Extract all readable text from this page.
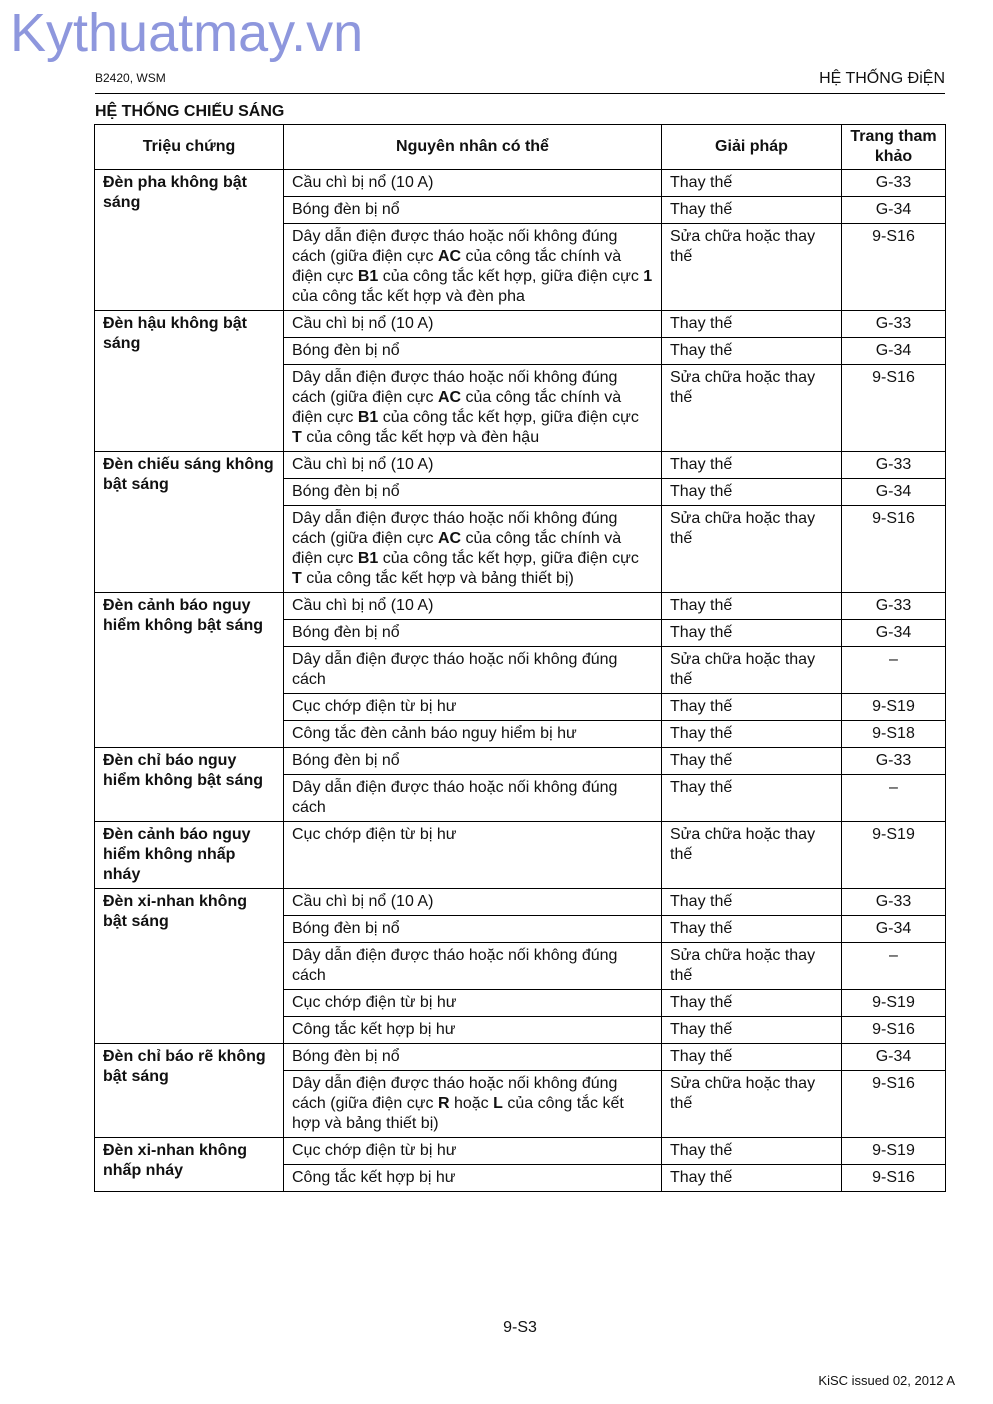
Kythuatmay.vn
B2420, WSM	HỆ THỐNG ĐiỆN
HỆ THỐNG CHIẾU SÁNG
Triệu chứng	Nguyên nhân có thể	Giải pháp	Trang tham khảo
Đèn pha không bật sáng	Cầu chì bị nổ (10 A)	Thay thế	G-33
	Bóng đèn bị nổ	Thay thế	G-34
	Dây dẫn điện được tháo hoặc nối không đúng cách (giữa điện cực AC của công tắc chính và điện cực B1 của công tắc kết hợp, giữa điện cực 1 của công tắc kết hợp và đèn pha	Sửa chữa hoặc thay thế	9-S16
Đèn hậu không bật sáng	Cầu chì bị nổ (10 A)	Thay thế	G-33
	Bóng đèn bị nổ	Thay thế	G-34
	Dây dẫn điện được tháo hoặc nối không đúng cách (giữa điện cực AC của công tắc chính và điện cực B1 của công tắc kết hợp, giữa điện cực T của công tắc kết hợp và đèn hậu	Sửa chữa hoặc thay thế	9-S16
Đèn chiếu sáng không bật sáng	Cầu chì bị nổ (10 A)	Thay thế	G-33
	Bóng đèn bị nổ	Thay thế	G-34
	Dây dẫn điện được tháo hoặc nối không đúng cách (giữa điện cực AC của công tắc chính và điện cực B1 của công tắc kết hợp, giữa điện cực T của công tắc kết hợp và bảng thiết bị)	Sửa chữa hoặc thay thế	9-S16
Đèn cảnh báo nguy hiểm không bật sáng	Cầu chì bị nổ (10 A)	Thay thế	G-33
	Bóng đèn bị nổ	Thay thế	G-34
	Dây dẫn điện được tháo hoặc nối không đúng cách	Sửa chữa hoặc thay thế	–
	Cục chớp điện từ bị hư	Thay thế	9-S19
	Công tắc đèn cảnh báo nguy hiểm bị hư	Thay thế	9-S18
Đèn chỉ báo nguy hiểm không bật sáng	Bóng đèn bị nổ	Thay thế	G-33
	Dây dẫn điện được tháo hoặc nối không đúng cách	Thay thế	–
Đèn cảnh báo nguy hiểm không nhấp nháy	Cục chớp điện từ bị hư	Sửa chữa hoặc thay thế	9-S19
Đèn xi-nhan không bật sáng	Cầu chì bị nổ (10 A)	Thay thế	G-33
	Bóng đèn bị nổ	Thay thế	G-34
	Dây dẫn điện được tháo hoặc nối không đúng cách	Sửa chữa hoặc thay thế	–
	Cục chớp điện từ bị hư	Thay thế	9-S19
	Công tắc kết hợp bị hư	Thay thế	9-S16
Đèn chỉ báo rẽ không bật sáng	Bóng đèn bị nổ	Thay thế	G-34
	Dây dẫn điện được tháo hoặc nối không đúng cách (giữa điện cực R hoặc L của công tắc kết hợp và bảng thiết bị)	Sửa chữa hoặc thay thế	9-S16
Đèn xi-nhan không nhấp nháy	Cục chớp điện từ bị hư	Thay thế	9-S19
	Công tắc kết hợp bị hư	Thay thế	9-S16
9-S3
KiSC issued 02, 2012 A
